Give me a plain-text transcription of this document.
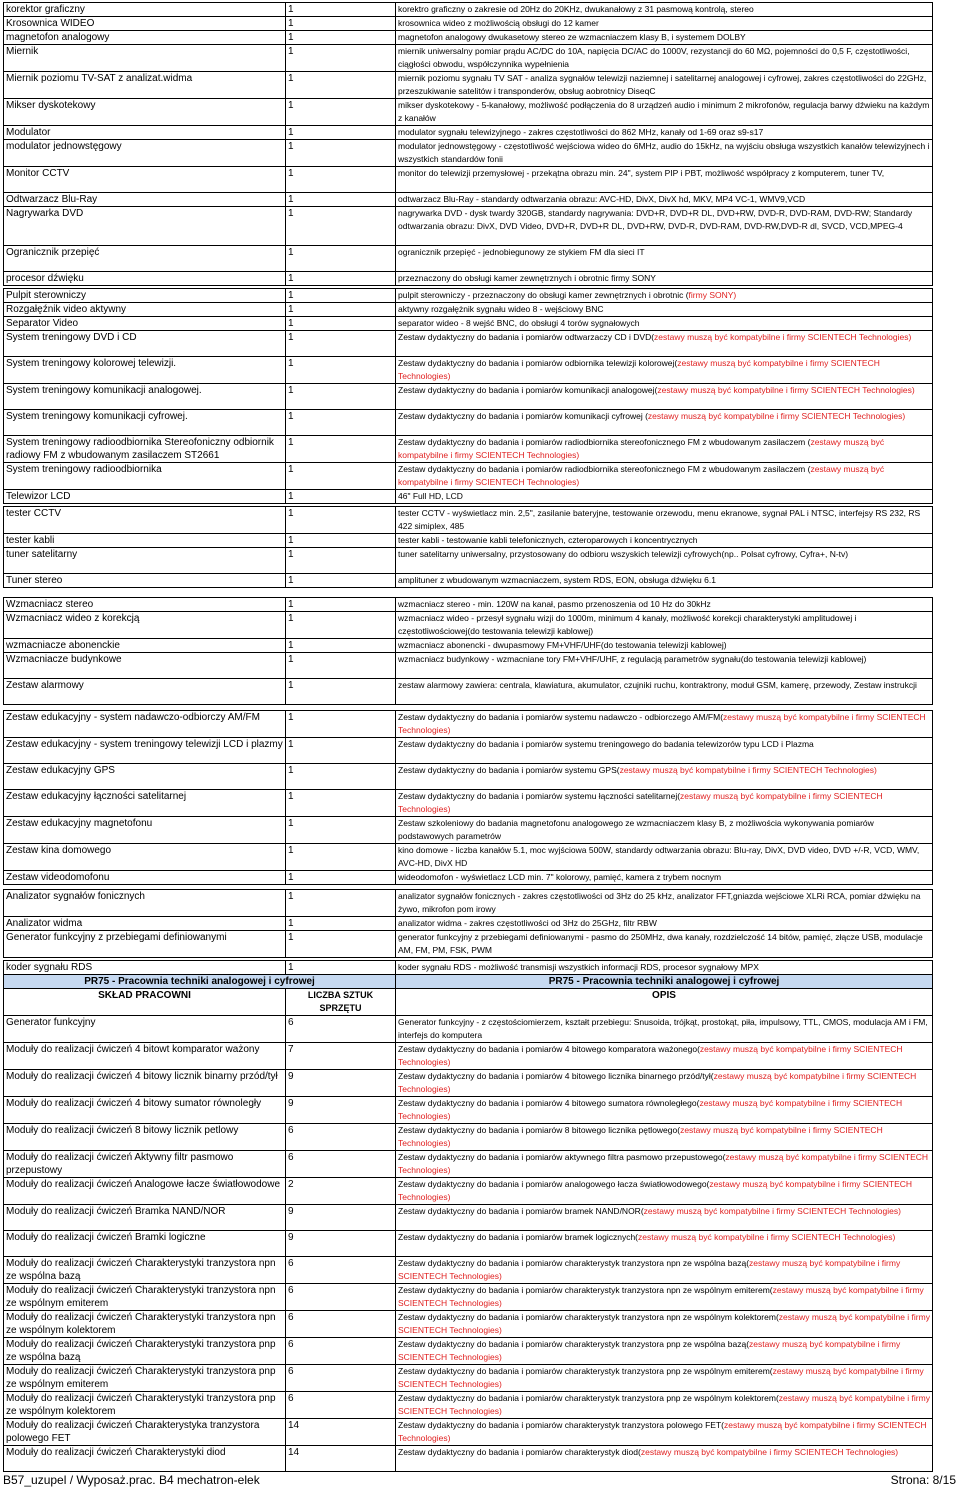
korektor graficzny	1	korektro graficzny o zakresie od 20Hz do 20KHz, dwukanałowy z 31 pasmową kontrolą, stereo
Krosownica WIDEO	1	krosownica wideo z możliwością obsługi do 12 kamer
magnetofon analogowy	1	magnetofon analogowy dwukasetowy stereo ze wzmacniaczem klasy B, i systemem DOLBY
Miernik	1	miernik uniwersalny pomiar prądu AC/DC do 10A, napięcia DC/AC do 1000V, rezystancji do 60 MΩ, pojemności do 0,5 F, częstotliwości, ciągłości obwodu, współczynnika wypełnienia
Miernik poziomu TV-SAT z analizat.widma	1	miernik poziomu sygnału TV SAT - analiza sygnałów telewizji naziemnej i satelitarnej analogowej i cyfrowej, zakres częstotliwości do 22GHz, przeszukiwanie satelitów i transponderów, obsług aobrotnicy DiseqC
Mikser dyskotekowy	1	mikser dyskotekowy - 5-kanałowy, możliwość podłączenia do 8 urządzeń audio i minimum 2 mikrofonów, regulacja barwy dźwieku na każdym z kanałów
Modulator	1	modulator sygnału telewizyjnego - zakres częstotliwości do 862 MHz, kanały od 1-69 oraz s9-s17
modulator jednowstęgowy	1	modulator jednowstęgowy - częstotliwość wejściowa wideo do 6MHz, audio do 15kHz, na wyjściu obsługa wszystkich kanałów telewizyjnech i wszystkich standardów fonii
Monitor CCTV	1	monitor do telewizji przemysłowej - przekątna obrazu min. 24", system PIP i PBT, możliwość współpracy z komputerem, tuner TV,
Odtwarzacz Blu-Ray	1	odtwarzacz Blu-Ray - standardy odtwarzania obrazu: AVC-HD, DivX, DivX hd, MKV, MP4 VC-1, WMV9,VCD
Nagrywarka DVD	1	nagrywarka DVD - dysk twardy 320GB, standardy nagrywania: DVD+R, DVD+R DL, DVD+RW, DVD-R, DVD-RAM, DVD-RW; Standardy odtwarzania obrazu: DivX, DVD Video, DVD+R, DVD+R DL, DVD+RW, DVD-R, DVD-RAM, DVD-RW,DVD-R dl, SVCD, VCD,MPEG-4
Ogranicznik przepięć	1	ogranicznik przepięć - jednobiegunowy ze stykiem FM dla sieci IT
procesor dźwięku	1	przeznaczony do obsługi kamer zewnętrznych i obrotnic firmy SONY

Pulpit sterowniczy	1	pulpit sterowniczy - przeznaczony do obsługi kamer zewnętrznych i obrotnic (firmy SONY)
Rozgałęźnik video aktywny	1	aktywny rozgałężnik sygnału wideo 8 - wejściowy BNC
Separator Video	1	separator wideo - 8 wejść BNC, do obsługi 4 torów sygnałowych
System treningowy DVD i CD	1	Zestaw dydaktyczny do badania i pomiarów odtwarzaczy CD i DVD(zestawy muszą być kompatybilne i firmy SCIENTECH Technologies)
System treningowy kolorowej telewizji.	1	Zestaw dydaktyczny do badania i pomiarów odbiornika telewizji kolorowej(zestawy muszą być kompatybilne i firmy SCIENTECH Technologies)
System treningowy komunikacji analogowej.	1	Zestaw dydaktyczny do badania i pomiarów komunikacji analogowej(zestawy muszą być kompatybilne i firmy SCIENTECH Technologies)
System treningowy komunikacji cyfrowej.	1	Zestaw dydaktyczny do badania i pomiarów komunikacji cyfrowej (zestawy muszą być kompatybilne i firmy SCIENTECH Technologies)
System treningowy radioodbiornika Stereofoniczny odbiornik radiowy FM z wbudowanym zasilaczem ST2661	1	Zestaw dydaktyczny do badania i pomiarów radiodbiornika stereofonicznego FM z wbudowanym zasilaczem (zestawy muszą być kompatybilne i firmy SCIENTECH Technologies)
System treningowy radioodbiornika	1	Zestaw dydaktyczny do badania i pomiarów radiodbiornika stereofonicznego FM z wbudowanym zasilaczem (zestawy muszą być kompatybilne i firmy SCIENTECH Technologies)
Telewizor LCD	1	46" Full HD, LCD

tester CCTV	1	tester CCTV - wyświetlacz min. 2,5", zasilanie bateryjne, testowanie orzewodu, menu ekranowe, sygnał PAL i NTSC, interfejsy RS 232, RS 422 simiplex, 485
tester kabli	1	tester kabli - testowanie kabli telefonicznych, czteroparowych i koncentrycznych
tuner satelitarny	1	tuner satelitarny uniwersalny, przystosowany do odbioru wszyskich telewizji cyfrowych(np.. Polsat cyfrowy, Cyfra+, N-tv)
Tuner stereo	1	amplituner z wbudowanym wzmacniaczem, system RDS, EON, obsługa dźwięku 6.1

Wzmacniacz stereo	1	wzmacniacz stereo - min. 120W na kanał, pasmo przenoszenia od 10 Hz do 30kHz
Wzmacniacz wideo z korekcją	1	wzmacniacz wideo - przesył sygnału wizji do 1000m, minimum 4 kanały, możliwość korekcji charakterystyki amplitudowej i częstotliwościowej(do testowania telewizji kablowej)
wzmacniacze abonenckie	1	wzmacniacz abonencki - dwupasmowy FM+VHF/UHF(do testowania telewizji kablowej)
Wzmacniacze budynkowe	1	wzmacniacz budynkowy - wzmacniane tory FM+VHF/UHF, z regulacją parametrów sygnału(do testowania telewizji kablowej)
Zestaw alarmowy	1	zestaw alarmowy zawiera: centrala, klawiatura, akumulator, czujniki ruchu, kontraktrony, moduł GSM, kamerę, przewody, Zestaw instrukcji

Zestaw edukacyjny - system nadawczo-odbiorczy AM/FM	1	Zestaw dydaktyczny do badania i pomiarów systemu nadawczo - odbiorczego AM/FM(zestawy muszą być kompatybilne i firmy SCIENTECH Technologies)
Zestaw edukacyjny - system treningowy telewizji LCD i plazmy	1	Zestaw dydaktyczny do badania i pomiarów systemu treningowego do badania telewizorów typu LCD i Plazma
Zestaw edukacyjny GPS	1	Zestaw dydaktyczny do badania i pomiarów systemu GPS(zestawy muszą być kompatybilne i firmy SCIENTECH Technologies)
Zestaw edukacyjny łączności satelitarnej	1	Zestaw dydaktyczny do badania i pomiarów systemu łączności satelitarnej(zestawy muszą być kompatybilne i firmy SCIENTECH Technologies)
Zestaw edukacyjny magnetofonu	1	Zestaw szkoleniowy do badania magnetofonu analogowego ze wzmacniaczem klasy B, z możliwościa wykonywania pomiarów podstawowych parametrów
Zestaw kina domowego	1	kino domowe - liczba kanałów 5.1, moc wyjściowa 500W, standardy odtwarzania obrazu: Blu-ray, DivX, DVD video, DVD +/-R, VCD, WMV, AVC-HD, DivX HD
Zestaw videodomofonu	1	wideodomofon - wyświetlacz LCD min. 7" kolorowy, pamięć, kamera z trybem nocnym

Analizator sygnałów fonicznych	1	analizator sygnałów fonicznych - zakres częstotliwości od 3Hz do 25 kHz, analizator FFT,gniazda wejściowe XLRi RCA, pomiar dźwięku na żywo, mikrofon pom irowy
Analizator widma	1	analizator widma - zakres częstotliwości od 3Hz do 25GHz, filtr RBW
Generator funkcyjny z przebiegami definiowanymi	1	generator funkcyjny z przebiegami definiowanymi - pasmo do 250MHz, dwa kanały, rozdzielczość 14 bitów, pamięć, złącze USB, modulacje AM, FM, PM, FSK, PWM

koder sygnału RDS	1	koder sygnału RDS - możliwość transmisji wszystkich informacji RDS, procesor sygnałowy MPX
PR75 - Pracownia techniki analogowej i cyfrowej		PR75 - Pracownia techniki analogowej i cyfrowej
SKŁAD PRACOWNI	LICZBA SZTUK SPRZĘTU	OPIS
Generator funkcyjny	6	Generator funkcyjny - z częstościomierzem, kształt przebiegu: Snusoida, trójkąt, prostokąt, piła, impulsowy, TTL, CMOS, modulacja AM i FM, interfejs do komputera
Moduły do realizacji ćwiczeń 4 bitowt komparator ważony	7	Zestaw dydaktyczny do badania i pomiarów 4 bitowego komparatora ważonego(zestawy muszą być kompatybilne i firmy SCIENTECH Technologies)
Moduły do realizacji ćwiczeń 4 bitowy licznik binarny przód/tył	9	Zestaw dydaktyczny do badania i pomiarów 4 bitowego licznika binarnego przód/tył(zestawy muszą być kompatybilne i firmy SCIENTECH Technologies)
Moduły do realizacji ćwiczeń 4 bitowy sumator równoległy	9	Zestaw dydaktyczny do badania i pomiarów 4 bitowego sumatora równoległego(zestawy muszą być kompatybilne i firmy SCIENTECH Technologies)
Moduły do realizacji ćwiczeń 8 bitowy licznik petlowy	6	Zestaw dydaktyczny do badania i pomiarów 8 bitowego licznika pętlowego(zestawy muszą być kompatybilne i firmy SCIENTECH Technologies)
Moduły do realizacji ćwiczeń Aktywny filtr pasmowo przepustowy	6	Zestaw dydaktyczny do badania i pomiarów aktywnego filtra pasmowo przepustowego(zestawy muszą być kompatybilne i firmy SCIENTECH Technologies)
Moduły do realizacji ćwiczeń Analogowe łacze światłowodowe	2	Zestaw dydaktyczny do badania i pomiarów analogowego łacza światłowodowego(zestawy muszą być kompatybilne i firmy SCIENTECH Technologies)
Moduły do realizacji ćwiczeń Bramka NAND/NOR	9	Zestaw dydaktyczny do badania i pomiarów bramek NAND/NOR(zestawy muszą być kompatybilne i firmy SCIENTECH Technologies)
Moduły do realizacji ćwiczeń Bramki logiczne	9	Zestaw dydaktyczny do badania i pomiarów bramek logicznych(zestawy muszą być kompatybilne i firmy SCIENTECH Technologies)
Moduły do realizacji ćwiczeń Charakterystyki tranzystora npn ze wspólna bazą	6	Zestaw dydaktyczny do badania i pomiarów charakterystyk tranzystora npn ze wspólna bazą(zestawy muszą być kompatybilne i firmy SCIENTECH Technologies)
Moduły do realizacji ćwiczeń Charakterystyki tranzystora npn ze wspólnym emiterem	6	Zestaw dydaktyczny do badania i pomiarów charakterystyk tranzystora npn ze wspólnym emiterem(zestawy muszą być kompatybilne i firmy SCIENTECH Technologies)
Moduły do realizacji ćwiczeń Charakterystyki tranzystora npn ze wspólnym kolektorem	6	Zestaw dydaktyczny do badania i pomiarów charakterystyk tranzystora npn ze wspólnym kolektorem(zestawy muszą być kompatybilne i firmy SCIENTECH Technologies)
Moduły do realizacji ćwiczeń Charakterystyki tranzystora pnp ze wspólna bazą	6	Zestaw dydaktyczny do badania i pomiarów charakterystyk tranzystora pnp ze wspólna bazą(zestawy muszą być kompatybilne i firmy SCIENTECH Technologies)
Moduły do realizacji ćwiczeń Charakterystyki tranzystora pnp ze wspólnym emiterem	6	Zestaw dydaktyczny do badania i pomiarów charakterystyk tranzystora pnp ze wspólnym emiterem(zestawy muszą być kompatybilne i firmy SCIENTECH Technologies)
Moduły do realizacji ćwiczeń Charakterystyki tranzystora pnp ze wspólnym kolektorem	6	Zestaw dydaktyczny do badania i pomiarów charakterystyk tranzystora pnp ze wspólnym kolektorem(zestawy muszą być kompatybilne i firmy SCIENTECH Technologies)
Moduły do realizacji ćwiczeń Charakterystyka tranzystora polowego FET	14	Zestaw dydaktyczny do badania i pomiarów charakterystyk tranzystora polowego FET(zestawy muszą być kompatybilne i firmy SCIENTECH Technologies)
Moduły do realizacji ćwiczeń Charakterystyki diod	14	Zestaw dydaktyczny do badania i pomiarów charakterystyk diod(zestawy muszą być kompatybilne i firmy SCIENTECH Technologies)
B57_uzupel / Wyposaż.prac. B4 mechatron-elek	Strona: 8/15
